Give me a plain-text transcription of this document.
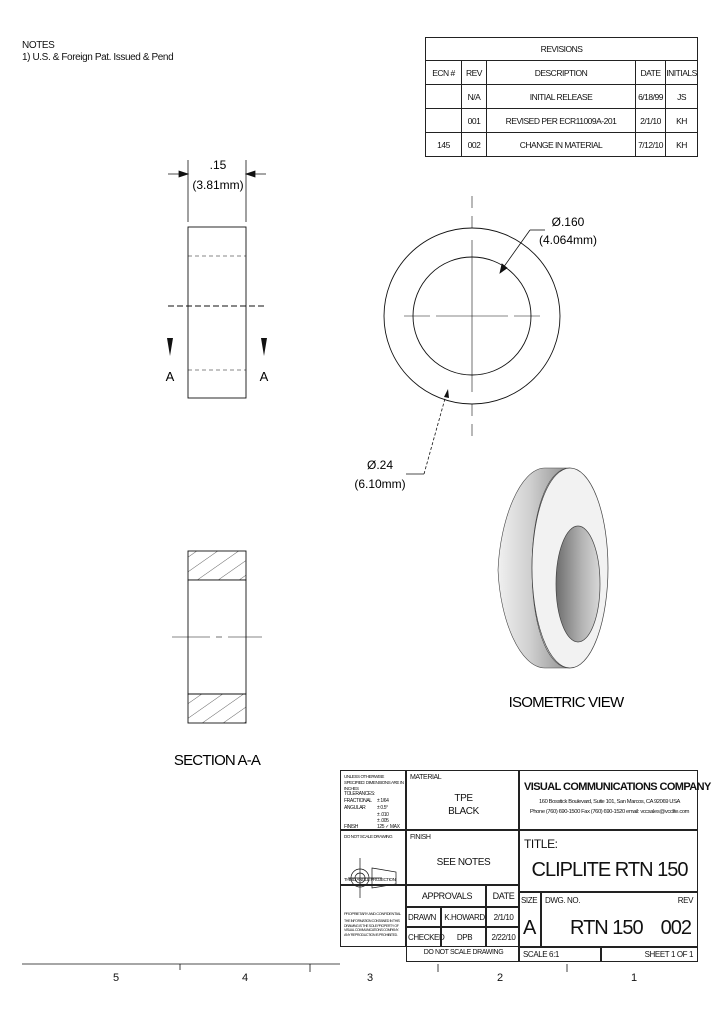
NOTES
1) U.S. & Foreign Pat. Issued & Pend
REVISIONS				
ECN #	REV	DESCRIPTION	DATE	INITIALS
	N/A	INITIAL RELEASE	6/18/99	JS
	001	REVISED PER ECR11009A-201	2/1/10	KH
145	002	CHANGE IN MATERIAL	7/12/10	KH
.15
(3.81mm)
A	A
Ø.160
(4.064mm)
Ø.24
(6.10mm)
SECTION A-A
ISOMETRIC VIEW
UNLESS OTHERWISE SPECIFIED: DIMENSIONS ARE IN INCHES
TOLERANCES:
FRACTIONAL ± 1/64
ANGULAR ± 0.5°
± .010
± .005
FINISH	125 ✓ MAX
MATERIAL
TPE
BLACK
DO NOT SCALE DRAWING
THIRD ANGLE PROJECTION
FINISH
SEE NOTES
PROPRIETARY AND CONFIDENTIAL
THE INFORMATION CONTAINED IN THIS DRAWING IS THE SOLE PROPERTY OF VISUAL COMMUNICATIONS COMPANY. ANY REPRODUCTION IS PROHIBITED.
APPROVALS	DATE
DRAWN K.HOWARD	2/1/10
CHECKED	DPB	2/22/10
DO NOT SCALE DRAWING
VISUAL COMMUNICATIONS COMPANY
160 Bosstick Boulevard, Suite 101, San Marcos, CA 92069 USA
Phone (760) 690-1500 Fax (760) 690-1520 email: vccsales@vcclite.com
TITLE:
CLIPLITE RTN 150
SIZE
A
DWG. NO.	REV
RTN 150 002
SCALE 6:1	SHEET 1 OF 1
5	4	3	2	1
